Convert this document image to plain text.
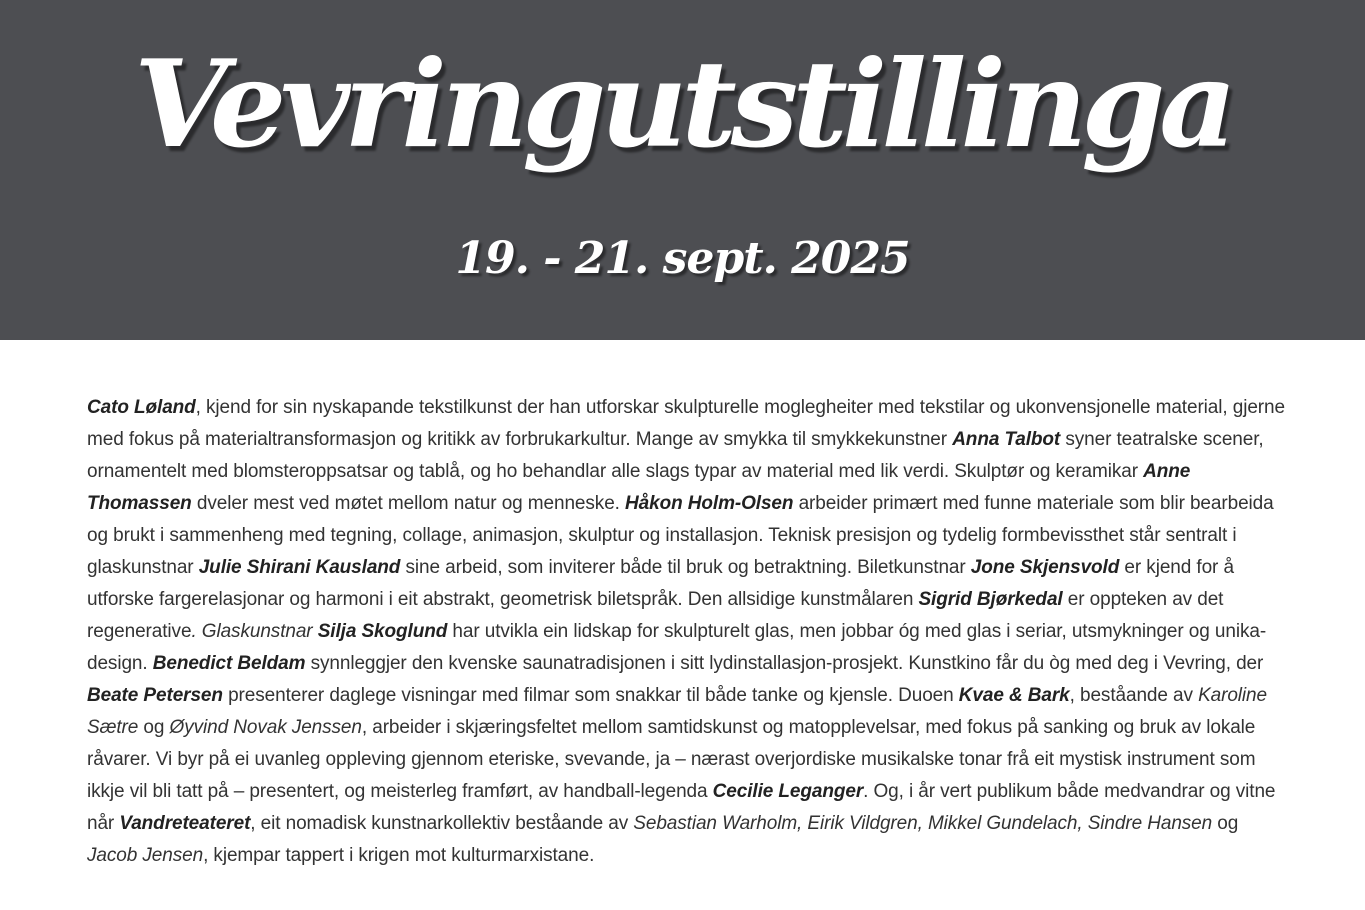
Vevringutstillinga
19. - 21. sept. 2025

Cato Løland, kjend for sin nyskapande tekstilkunst der han utforskar skulpturelle moglegheiter med tekstilar og ukonvensjonelle material, gjerne med fokus på materialtransformasjon og kritikk av forbrukarkultur. Mange av smykka til smykkekunstner Anna Talbot syner teatralske scener, ornamentelt med blomsteroppsatsar og tablå, og ho behandlar alle slags typar av material med lik verdi. Skulptør og keramikar Anne Thomassen dveler mest ved møtet mellom natur og menneske. Håkon Holm-Olsen arbeider primært med funne materiale som blir bearbeida og brukt i sammenheng med tegning, collage, animasjon, skulptur og installasjon. Teknisk presisjon og tydelig formbevissthet står sentralt i glaskunstnar Julie Shirani Kausland sine arbeid, som inviterer både til bruk og betraktning. Biletkunstnar Jone Skjensvold er kjend for å utforske fargerelasjonar og harmoni i eit abstrakt, geometrisk biletspråk. Den allsidige kunstmålaren Sigrid Bjørkedal er oppteken av det regenerative. Glaskunstnar Silja Skoglund har utvikla ein lidskap for skulpturelt glas, men jobbar óg med glas i seriar, utsmykninger og unika-design. Benedict Beldam synnleggjer den kvenske saunatradisjonen i sitt lydinstallasjon-prosjekt. Kunstkino får du òg med deg i Vevring, der Beate Petersen presenterer daglege visningar med filmar som snakkar til både tanke og kjensle. Duoen Kvae & Bark, beståande av Karoline Sætre og Øyvind Novak Jenssen, arbeider i skjæringsfeltet mellom samtidskunst og matopplevelsar, med fokus på sanking og bruk av lokale råvarer. Vi byr på ei uvanleg oppleving gjennom eteriske, svevande, ja – nærast overjordiske musikalske tonar frå eit mystisk instrument som ikkje vil bli tatt på – presentert, og meisterleg framført, av handball-legenda Cecilie Leganger. Og, i år vert publikum både medvandrar og vitne når Vandreteateret, eit nomadisk kunstnarkollektiv beståande av Sebastian Warholm, Eirik Vildgren, Mikkel Gundelach, Sindre Hansen og Jacob Jensen, kjempar tappert i krigen mot kulturmarxistane.
